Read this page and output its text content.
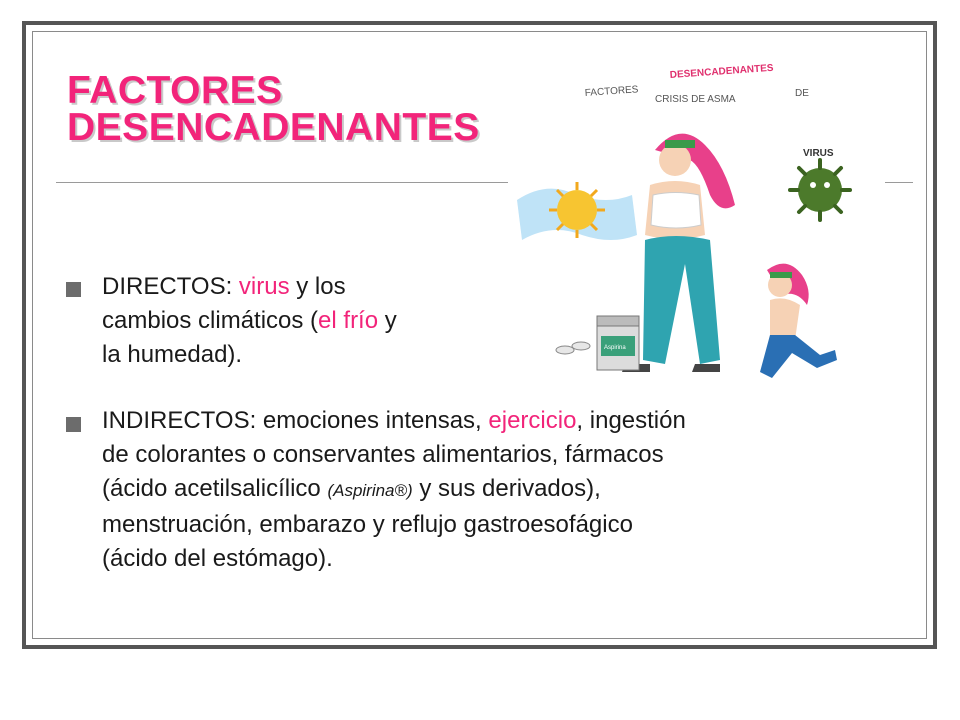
FACTORES
DESENCADENANTES
FACTORES
DESENCADENANTES
DE
CRISIS DE ASMA
VIRUS
Aspirina
DIRECTOS: virus y los
cambios climáticos (el frío y
la humedad).
INDIRECTOS: emociones intensas, ejercicio, ingestión
de colorantes o conservantes alimentarios, fármacos
(ácido acetilsalicílico (Aspirina®) y sus derivados),
menstruación, embarazo y reflujo gastroesofágico
(ácido del estómago).
